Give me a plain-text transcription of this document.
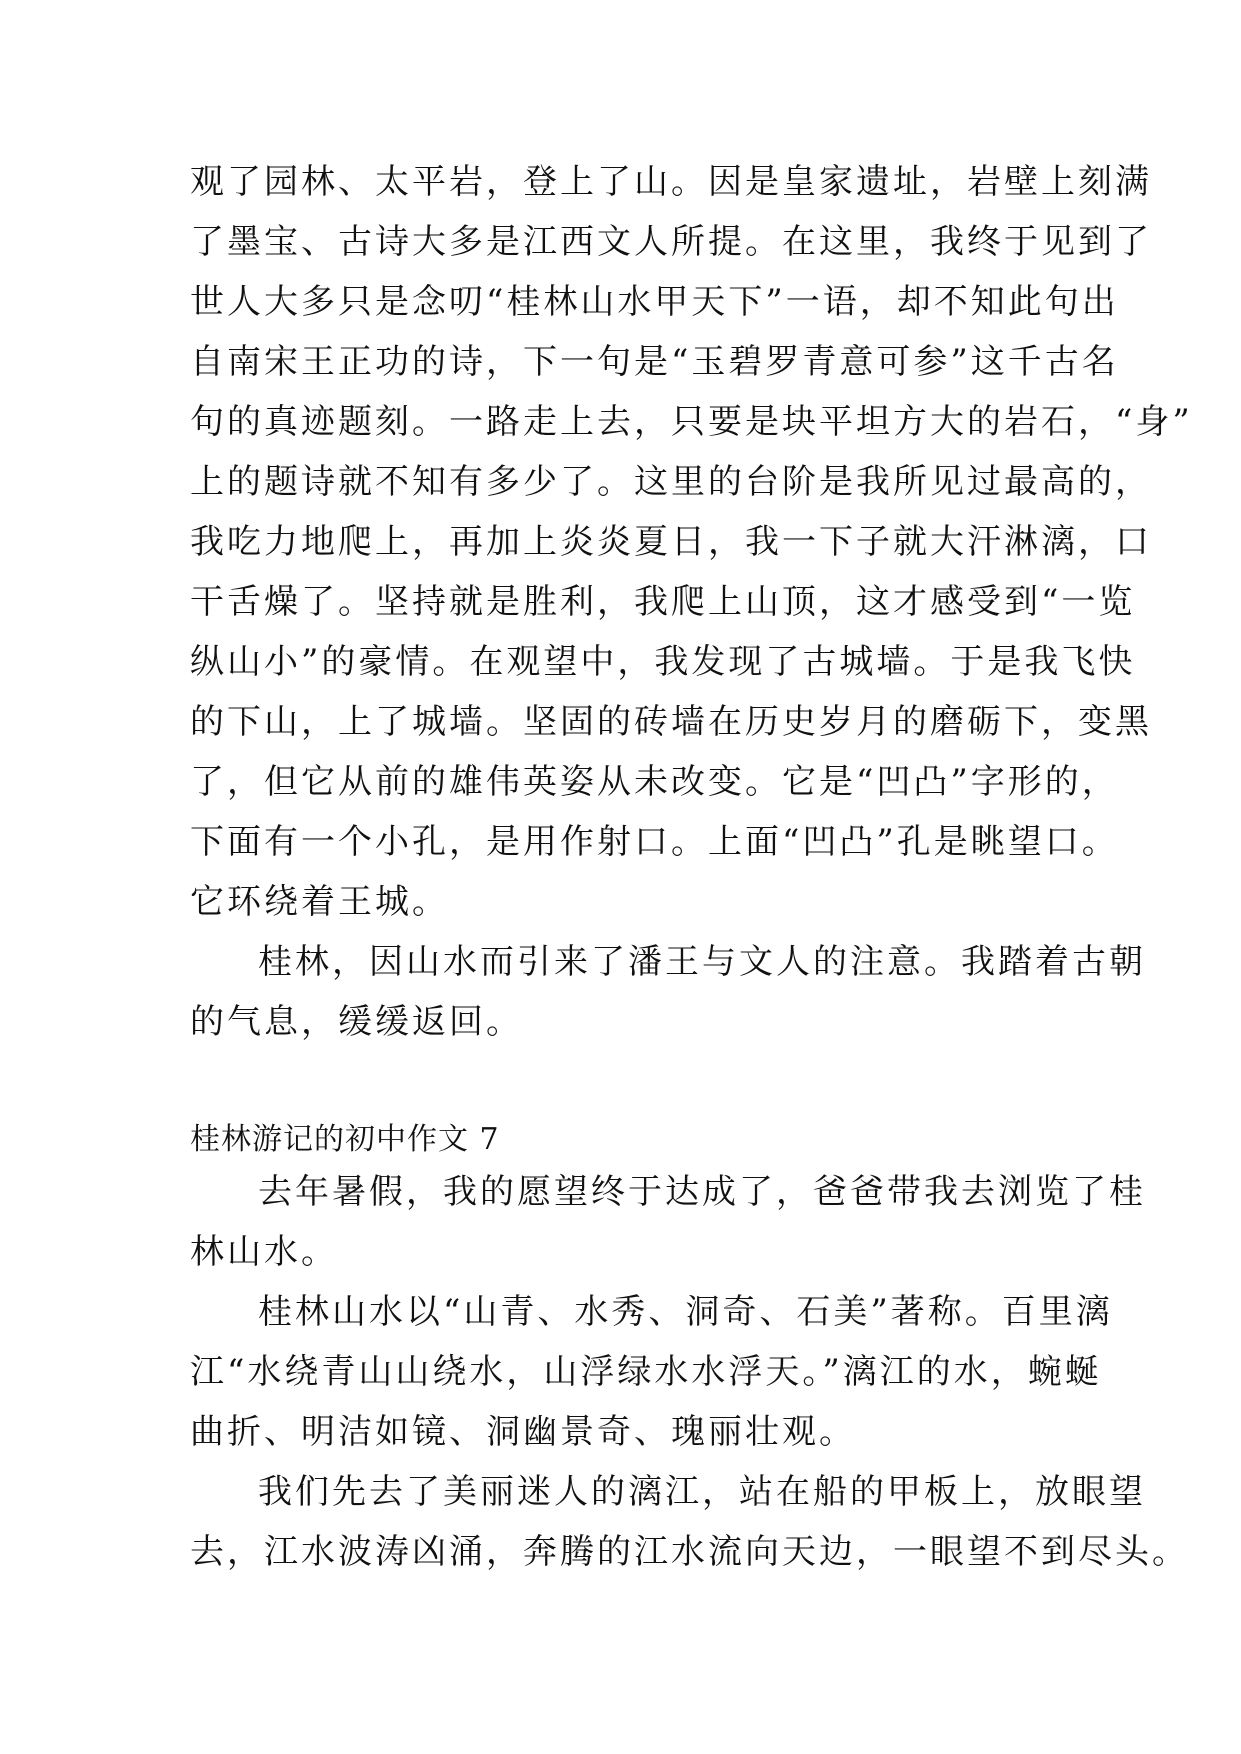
观了园林、太平岩，登上了山。因是皇家遗址，岩壁上刻满
了墨宝、古诗大多是江西文人所提。在这里，我终于见到了
世人大多只是念叨“桂林山水甲天下”一语，却不知此句出
自南宋王正功的诗，下一句是“玉碧罗青意可参”这千古名
句的真迹题刻。一路走上去，只要是块平坦方大的岩石，“身”
上的题诗就不知有多少了。这里的台阶是我所见过最高的，
我吃力地爬上，再加上炎炎夏日，我一下子就大汗淋漓，口
干舌燥了。坚持就是胜利，我爬上山顶，这才感受到“一览
纵山小”的豪情。在观望中，我发现了古城墙。于是我飞快
的下山，上了城墙。坚固的砖墙在历史岁月的磨砺下，变黑
了，但它从前的雄伟英姿从未改变。它是“凹凸”字形的，
下面有一个小孔，是用作射口。上面“凹凸”孔是眺望口。
它环绕着王城。
桂林，因山水而引来了潘王与文人的注意。我踏着古朝
的气息，缓缓返回。
桂林游记的初中作文 7
去年暑假，我的愿望终于达成了，爸爸带我去浏览了桂
林山水。
桂林山水以“山青、水秀、洞奇、石美”著称。百里漓
江“水绕青山山绕水，山浮绿水水浮天。”漓江的水，蜿蜒
曲折、明洁如镜、洞幽景奇、瑰丽壮观。
我们先去了美丽迷人的漓江，站在船的甲板上，放眼望
去，江水波涛凶涌，奔腾的江水流向天边，一眼望不到尽头。
